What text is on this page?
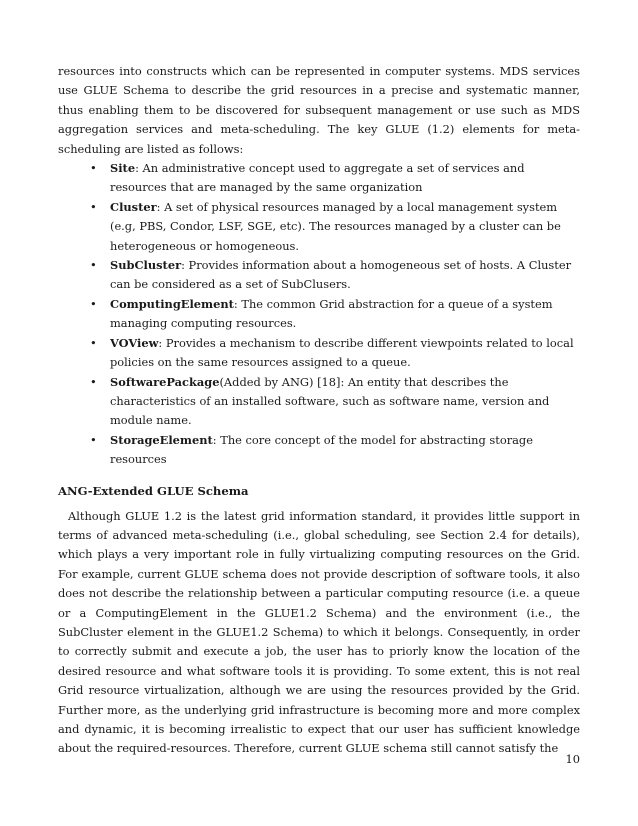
resources into constructs which can be represented in computer systems. MDS services use GLUE Schema to describe the grid resources in a precise and systematic manner, thus enabling them to be discovered for subsequent management or use such as MDS aggregation services and meta-scheduling. The key GLUE (1.2) elements for meta-scheduling are listed as follows:

• Site: An administrative concept used to aggregate a set of services and resources that are managed by the same organization
• Cluster: A set of physical resources managed by a local management system (e.g, PBS, Condor, LSF, SGE, etc). The resources managed by a cluster can be heterogeneous or homogeneous.
• SubCluster: Provides information about a homogeneous set of hosts. A Cluster can be considered as a set of SubClusers.
• ComputingElement: The common Grid abstraction for a queue of a system managing computing resources.
• VOView: Provides a mechanism to describe different viewpoints related to local policies on the same resources assigned to a queue.
• SoftwarePackage(Added by ANG) [18]: An entity that describes the characteristics of an installed software, such as software name, version and module name.
• StorageElement: The core concept of the model for abstracting storage resources
ANG-Extended GLUE Schema

Although GLUE 1.2 is the latest grid information standard, it provides little support in terms of advanced meta-scheduling (i.e., global scheduling, see Section 2.4 for details), which plays a very important role in fully virtualizing computing resources on the Grid. For example, current GLUE schema does not provide description of software tools, it also does not describe the relationship between a particular computing resource (i.e. a queue or a ComputingElement in the GLUE1.2 Schema) and the environment (i.e., the SubCluster element in the GLUE1.2 Schema) to which it belongs. Consequently, in order to correctly submit and execute a job, the user has to priorly know the location of the desired resource and what software tools it is providing. To some extent, this is not real Grid resource virtualization, although we are using the resources provided by the Grid. Further more, as the underlying grid infrastructure is becoming more and more complex and dynamic, it is becoming irrealistic to expect that our user has sufficient knowledge about the required-resources. Therefore, current GLUE schema still cannot satisfy the

10
